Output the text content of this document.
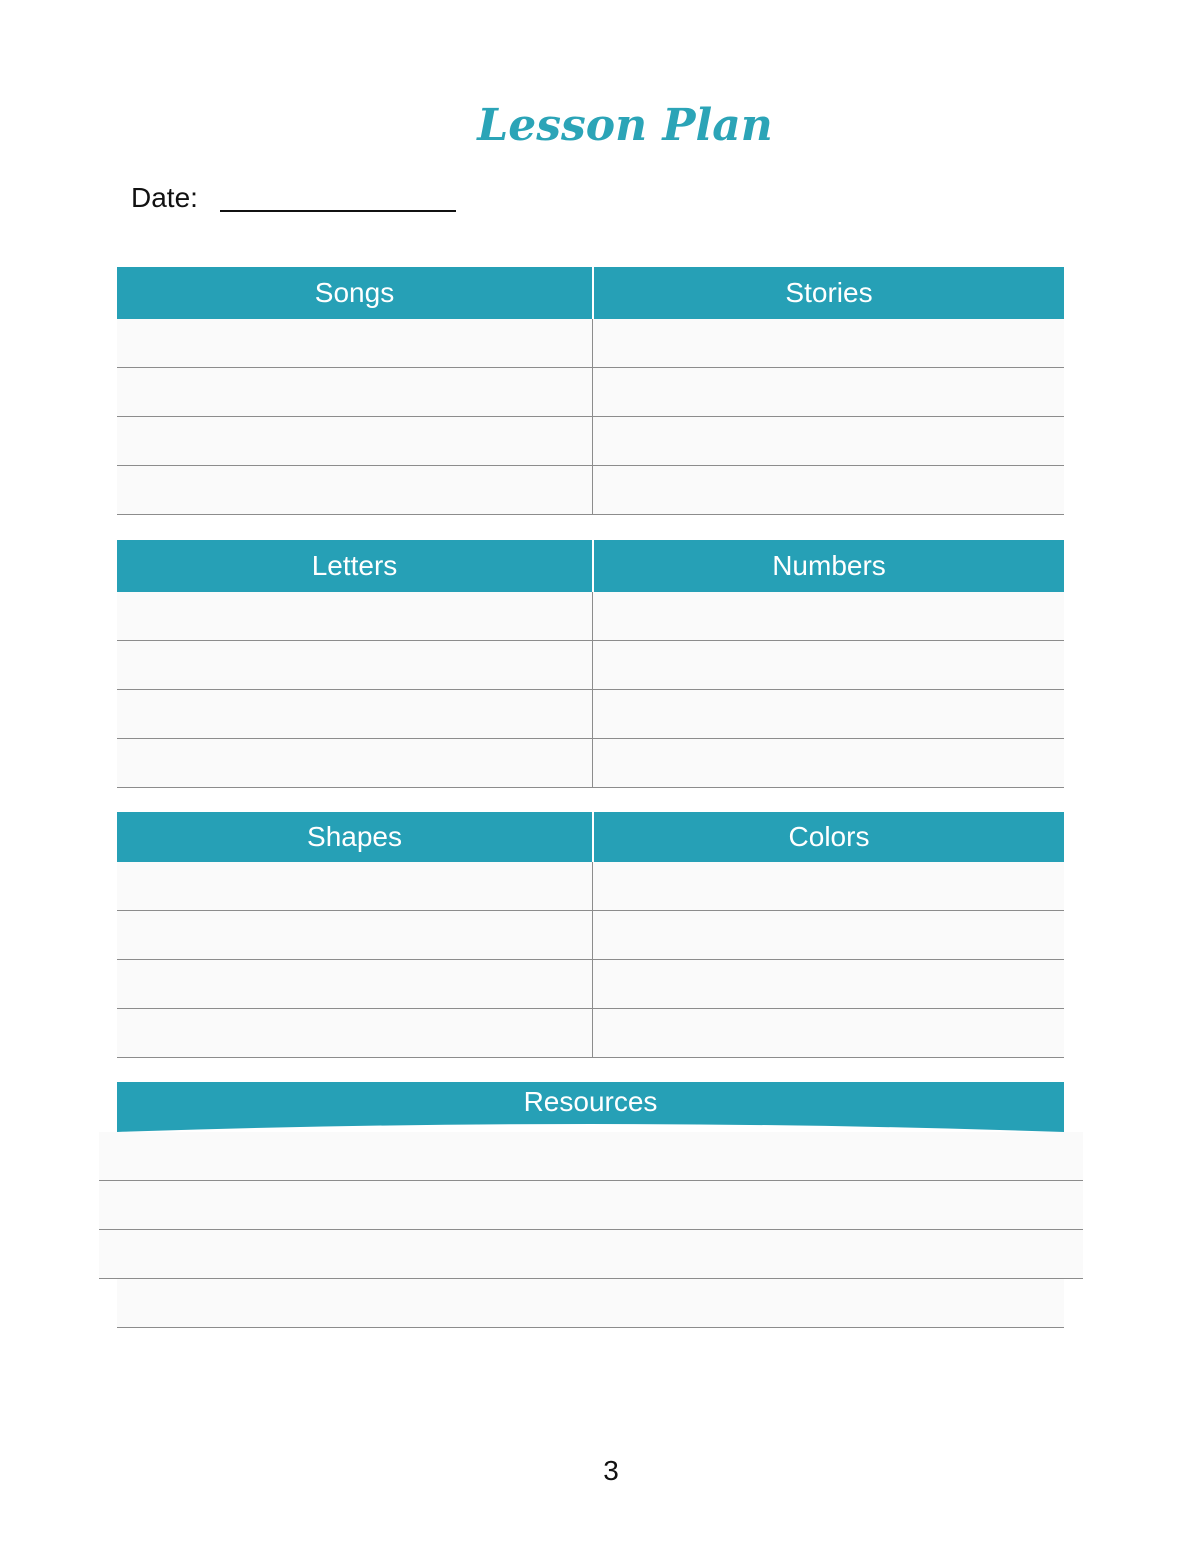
Lesson Plan
Date:
Songs	Stories
Letters	Numbers
Shapes	Colors
Resources
3
